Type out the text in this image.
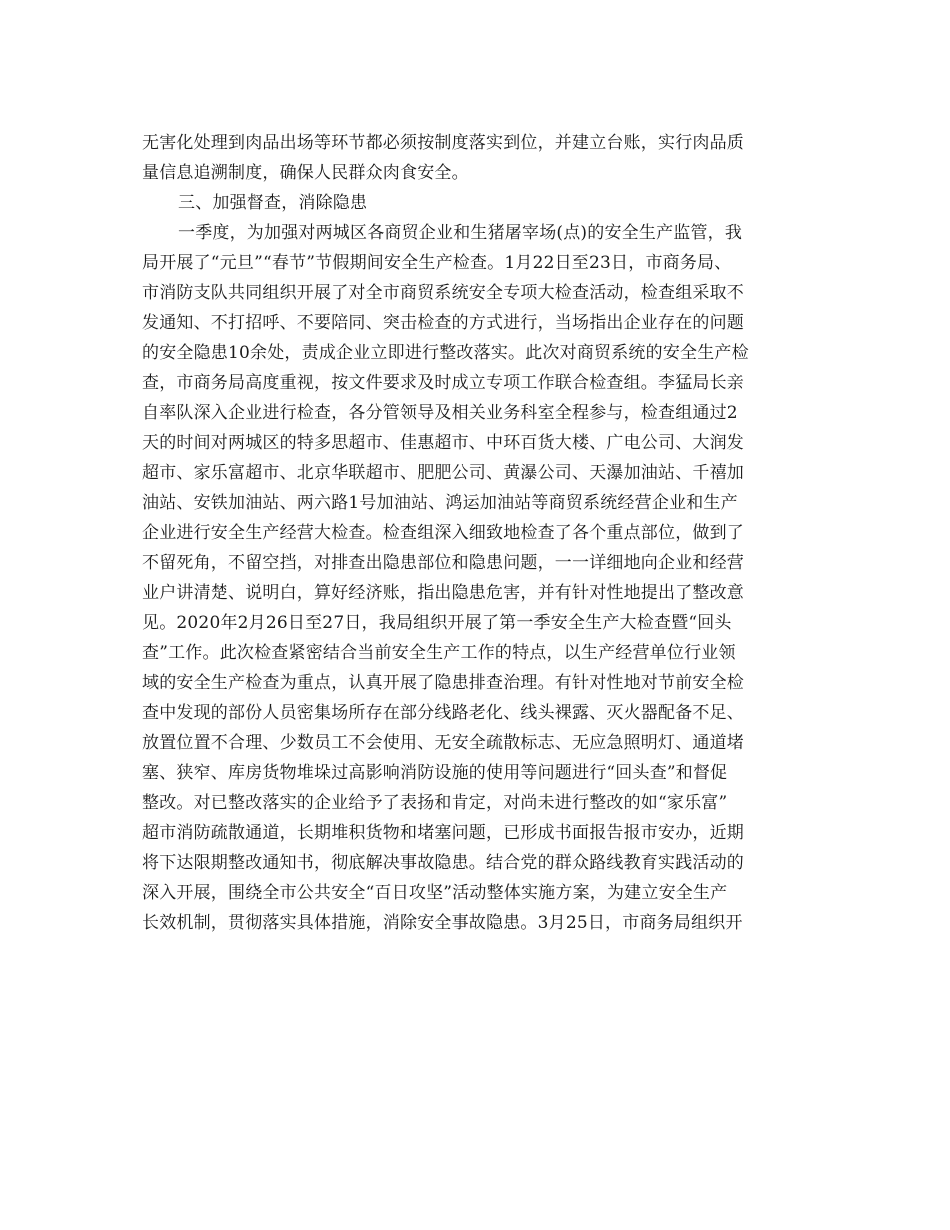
无害化处理到肉品出场等环节都必须按制度落实到位，并建立台账，实行肉品质
量信息追溯制度，确保人民群众肉食安全。
三、加强督查，消除隐患
一季度，为加强对两城区各商贸企业和生猪屠宰场(点)的安全生产监管，我
局开展了“元旦”“春节”节假期间安全生产检查。1月22日至23日，市商务局、
市消防支队共同组织开展了对全市商贸系统安全专项大检查活动，检查组采取不
发通知、不打招呼、不要陪同、突击检查的方式进行，当场指出企业存在的问题
的安全隐患10余处，责成企业立即进行整改落实。此次对商贸系统的安全生产检
查，市商务局高度重视，按文件要求及时成立专项工作联合检查组。李猛局长亲
自率队深入企业进行检查，各分管领导及相关业务科室全程参与，检查组通过2
天的时间对两城区的特多思超市、佳惠超市、中环百货大楼、广电公司、大润发
超市、家乐富超市、北京华联超市、肥肥公司、黄瀑公司、天瀑加油站、千禧加
油站、安铁加油站、两六路1号加油站、鸿运加油站等商贸系统经营企业和生产
企业进行安全生产经营大检查。检查组深入细致地检查了各个重点部位，做到了
不留死角，不留空挡，对排查出隐患部位和隐患问题，一一详细地向企业和经营
业户讲清楚、说明白，算好经济账，指出隐患危害，并有针对性地提出了整改意
见。2020年2月26日至27日，我局组织开展了第一季安全生产大检查暨“回头
查”工作。此次检查紧密结合当前安全生产工作的特点，以生产经营单位行业领
域的安全生产检查为重点，认真开展了隐患排查治理。有针对性地对节前安全检
查中发现的部份人员密集场所存在部分线路老化、线头裸露、灭火器配备不足、
放置位置不合理、少数员工不会使用、无安全疏散标志、无应急照明灯、通道堵
塞、狭窄、库房货物堆垛过高影响消防设施的使用等问题进行“回头查”和督促
整改。对已整改落实的企业给予了表扬和肯定，对尚未进行整改的如“家乐富”
超市消防疏散通道，长期堆积货物和堵塞问题，已形成书面报告报市安办，近期
将下达限期整改通知书，彻底解决事故隐患。结合党的群众路线教育实践活动的
深入开展，围绕全市公共安全“百日攻坚”活动整体实施方案，为建立安全生产
长效机制，贯彻落实具体措施，消除安全事故隐患。3月25日，市商务局组织开
